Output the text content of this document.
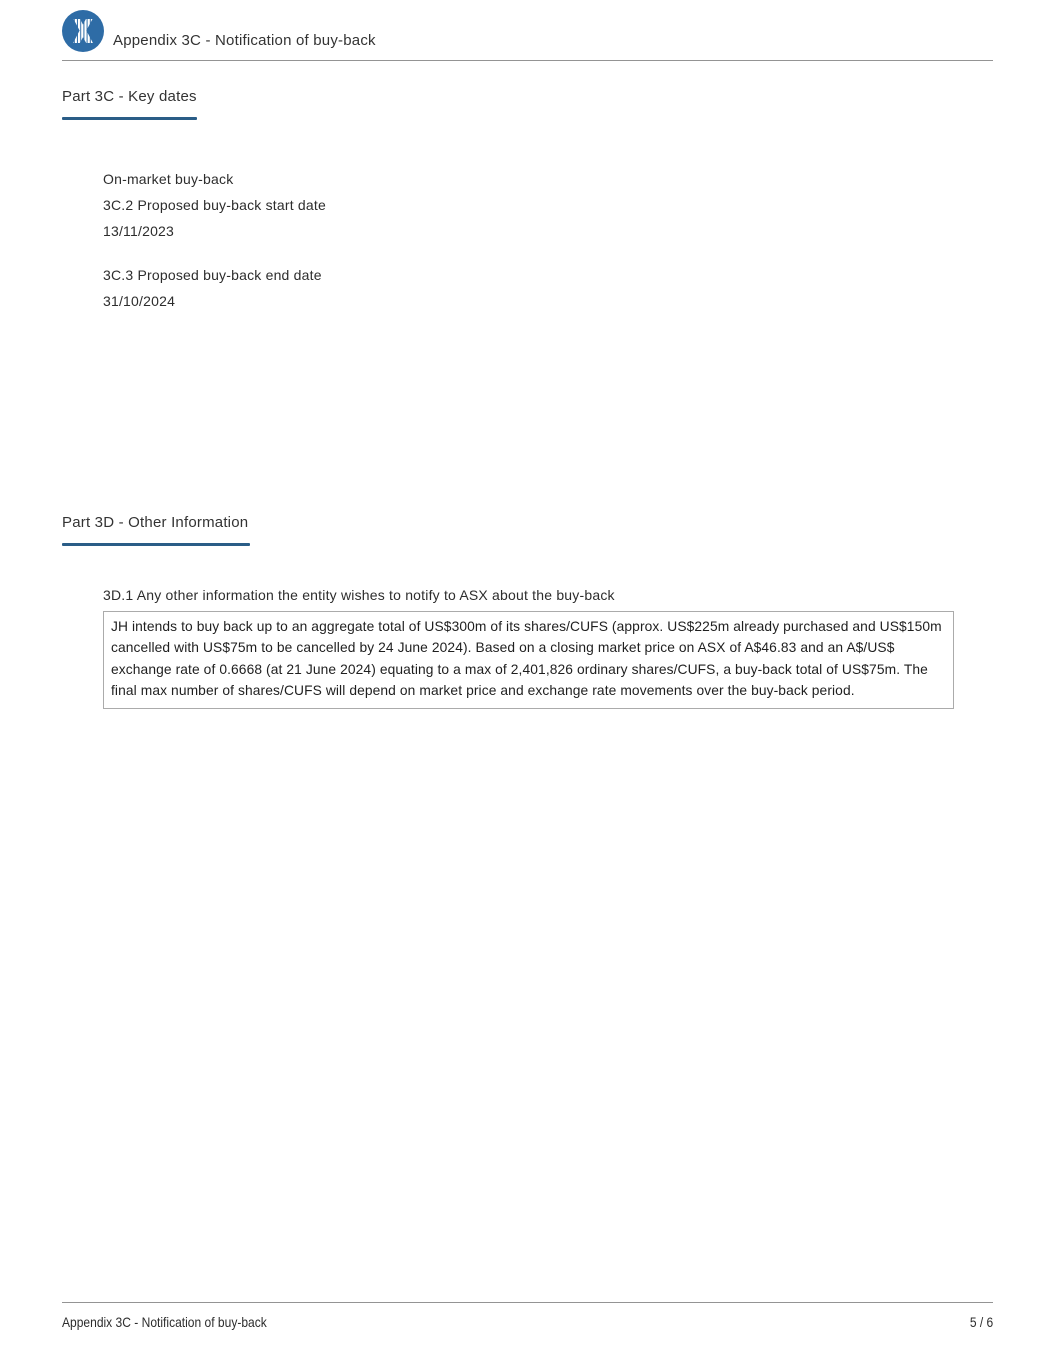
Appendix 3C - Notification of buy-back
Part 3C - Key dates

On-market buy-back

3C.2 Proposed buy-back start date

13/11/2023

3C.3 Proposed buy-back end date

31/10/2024

Part 3D - Other Information

3D.1 Any other information the entity wishes to notify to ASX about the buy-back

JH intends to buy back up to an aggregate total of US$300m of its shares/CUFS (approx. US$225m already purchased and US$150m cancelled with US$75m to be cancelled by 24 June 2024). Based on a closing market price on ASX of A$46.83 and an A$/US$ exchange rate of 0.6668 (at 21 June 2024) equating to a max of 2,401,826 ordinary shares/CUFS, a buy-back total of US$75m. The final max number of shares/CUFS will depend on market price and exchange rate movements over the buy-back period.

Appendix 3C - Notification of buy-back	5 / 6
